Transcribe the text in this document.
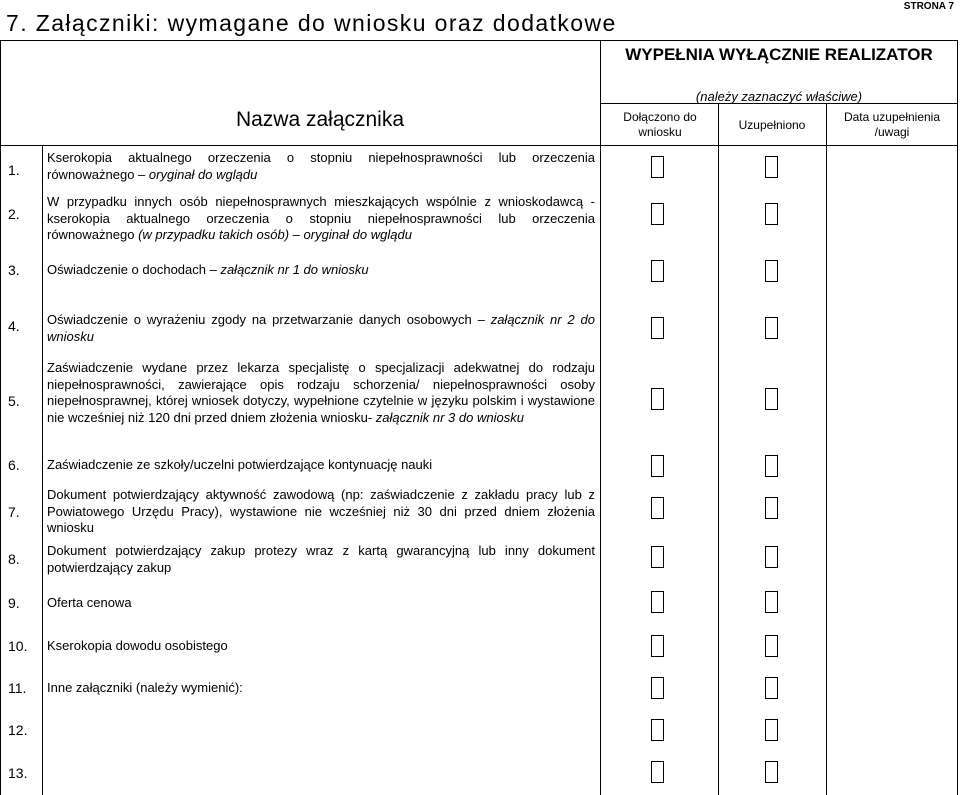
STRONA 7
7. Załączniki: wymagane do wniosku oraz dodatkowe
Nazwa załącznika
WYPEŁNIA WYŁĄCZNIE REALIZATOR
(należy zaznaczyć właściwe)
Dołączono do wniosku	Uzupełniono
Data uzupełnienia /uwagi
1.
Kserokopia aktualnego orzeczenia o stopniu niepełnosprawności lub orzeczenia równoważnego – oryginał do wglądu
2.
W przypadku innych osób niepełnosprawnych mieszkających wspólnie z wnioskodawcą - kserokopia aktualnego orzeczenia o stopniu niepełnosprawności lub orzeczenia równoważnego (w przypadku takich osób) – oryginał do wglądu
3. Oświadczenie o dochodach – załącznik nr 1 do wniosku
4. Oświadczenie o wyrażeniu zgody na przetwarzanie danych osobowych – załącznik nr 2 do wniosku
5.
Zaświadczenie wydane przez lekarza specjalistę o specjalizacji adekwatnej do rodzaju niepełnosprawności, zawierające opis rodzaju schorzenia/ niepełnosprawności osoby niepełnosprawnej, której wniosek dotyczy, wypełnione czytelnie w języku polskim i wystawione nie wcześniej niż 120 dni przed dniem złożenia wniosku- załącznik nr 3 do wniosku
6. Zaświadczenie ze szkoły/uczelni potwierdzające kontynuację nauki
7.
Dokument potwierdzający aktywność zawodową (np: zaświadczenie z zakładu pracy lub z Powiatowego Urzędu Pracy), wystawione nie wcześniej niż 30 dni przed dniem złożenia wniosku
8.
Dokument potwierdzający zakup protezy wraz z kartą gwarancyjną lub inny dokument potwierdzający zakup
9. Oferta cenowa
10. Kserokopia dowodu osobistego
11. Inne załączniki (należy wymienić):
12.
13.
